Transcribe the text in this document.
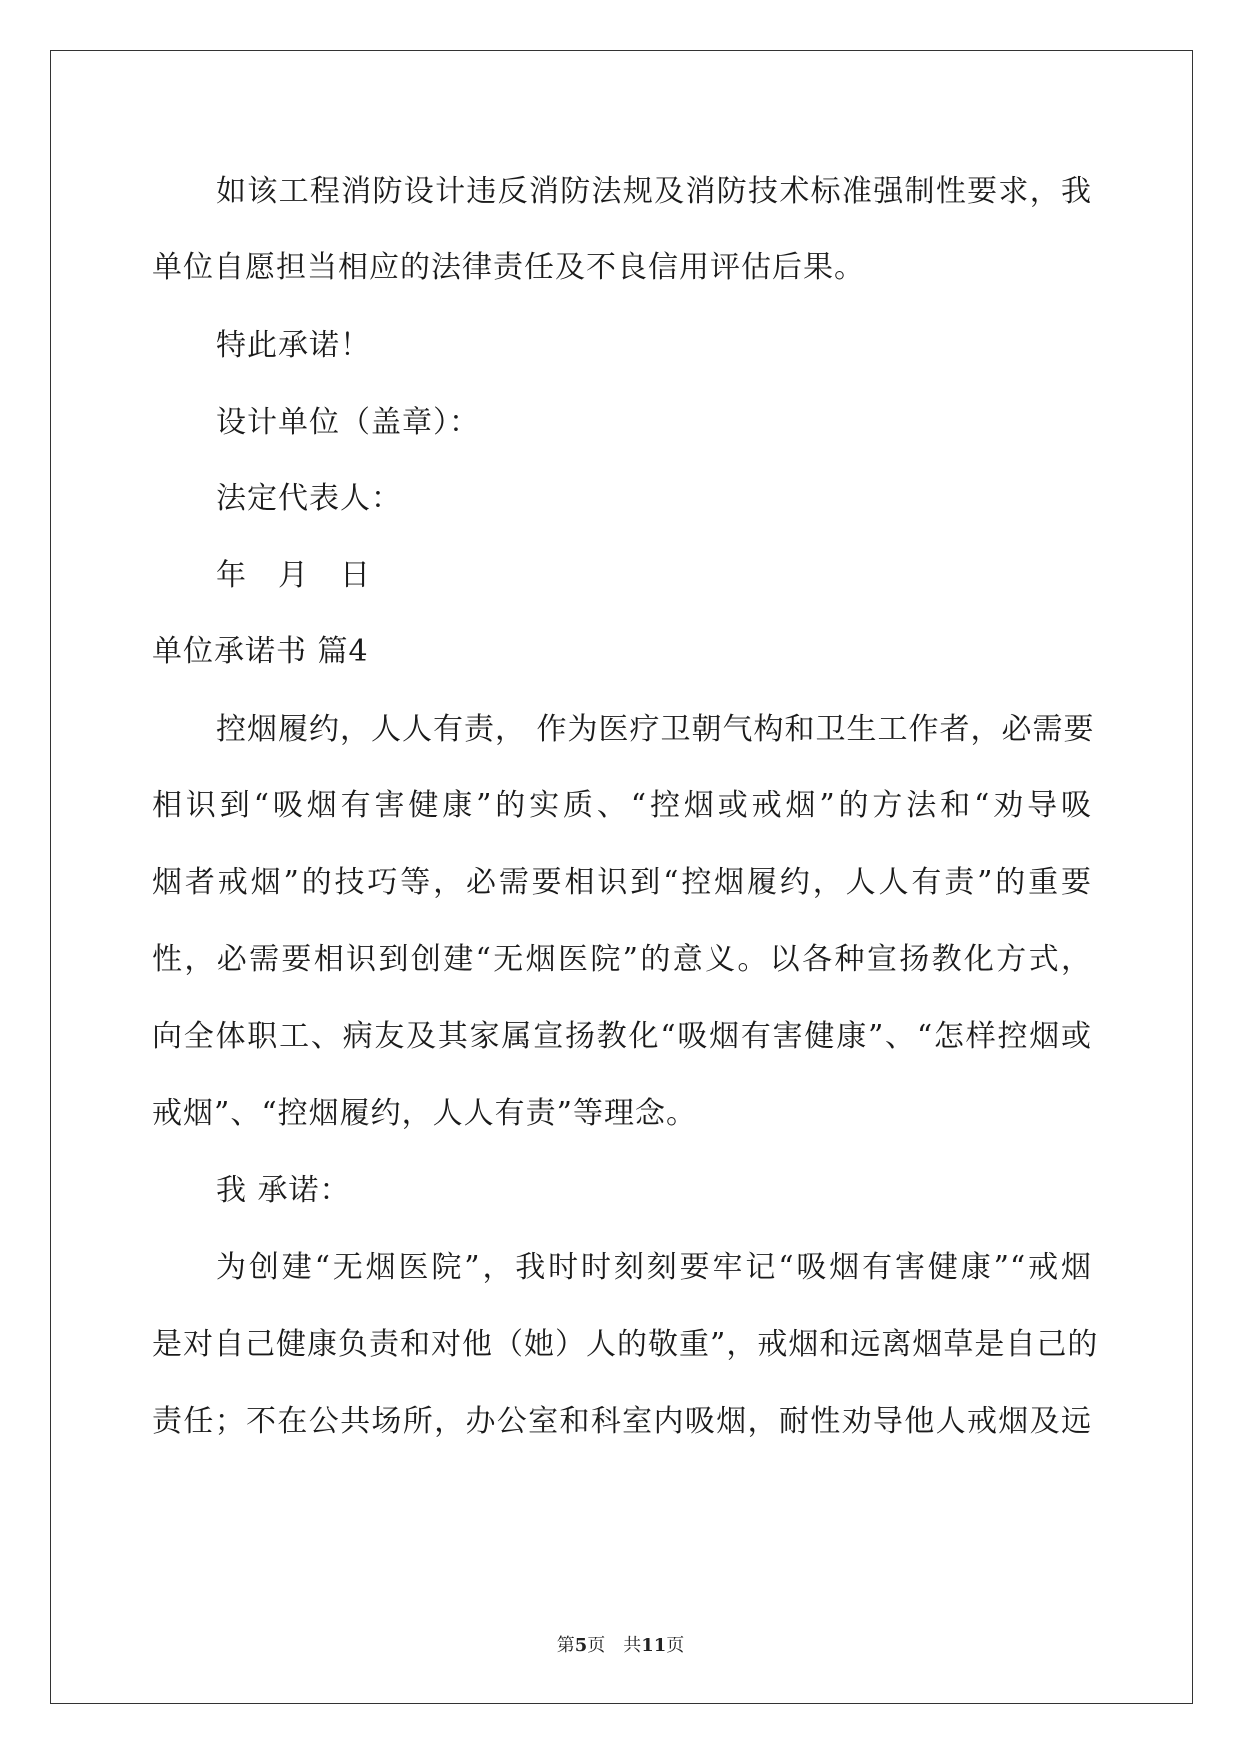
如该工程消防设计违反消防法规及消防技术标准强制性要求，我
单位自愿担当相应的法律责任及不良信用评估后果。
特此承诺！
设计单位（盖章）：
法定代表人：
年　月　日
单位承诺书 篇4
控烟履约，人人有责， 作为医疗卫朝气构和卫生工作者，必需要
相识到“吸烟有害健康”的实质、“控烟或戒烟”的方法和“劝导吸
烟者戒烟”的技巧等，必需要相识到“控烟履约，人人有责”的重要
性，必需要相识到创建“无烟医院”的意义。以各种宣扬教化方式，
向全体职工、病友及其家属宣扬教化“吸烟有害健康”、“怎样控烟或
戒烟”、“控烟履约，人人有责”等理念。
我 承诺：
为创建“无烟医院”，我时时刻刻要牢记“吸烟有害健康”“戒烟
是对自己健康负责和对他（她）人的敬重”，戒烟和远离烟草是自己的
责任；不在公共场所，办公室和科室内吸烟，耐性劝导他人戒烟及远
第5页 共11页
